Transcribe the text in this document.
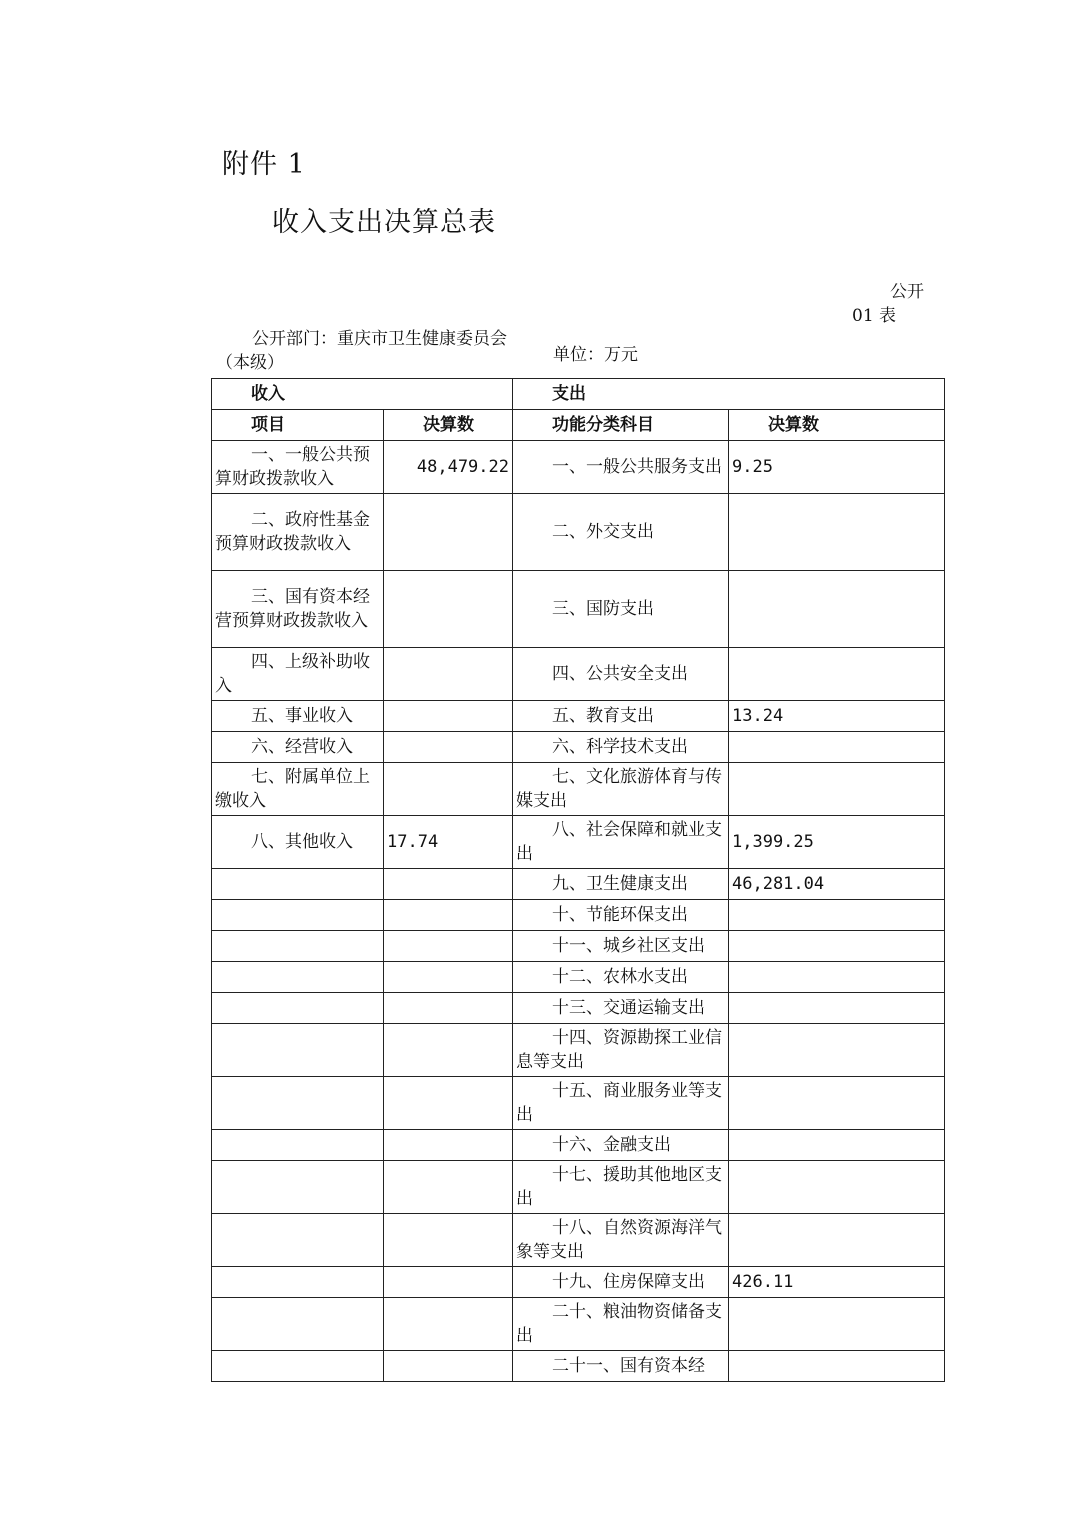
附件 1
收入支出决算总表
公开
01 表
公开部门：重庆市卫生健康委员会（本级）	单位：万元
收入		支出	
项目	决算数	功能分类科目	决算数
一、一般公共预算财政拨款收入	48,479.22	一、一般公共服务支出	9.25
二、政府性基金预算财政拨款收入		二、外交支出	
三、国有资本经营预算财政拨款收入		三、国防支出	
四、上级补助收入		四、公共安全支出	
五、事业收入		五、教育支出	13.24
六、经营收入		六、科学技术支出	
七、附属单位上缴收入		七、文化旅游体育与传媒支出	
八、其他收入	17.74	八、社会保障和就业支出	1,399.25
		九、卫生健康支出	46,281.04
		十、节能环保支出	
		十一、城乡社区支出	
		十二、农林水支出	
		十三、交通运输支出	
		十四、资源勘探工业信息等支出	
		十五、商业服务业等支出	
		十六、金融支出	
		十七、援助其他地区支出	
		十八、自然资源海洋气象等支出	
		十九、住房保障支出	426.11
		二十、粮油物资储备支出	
		二十一、国有资本经	
